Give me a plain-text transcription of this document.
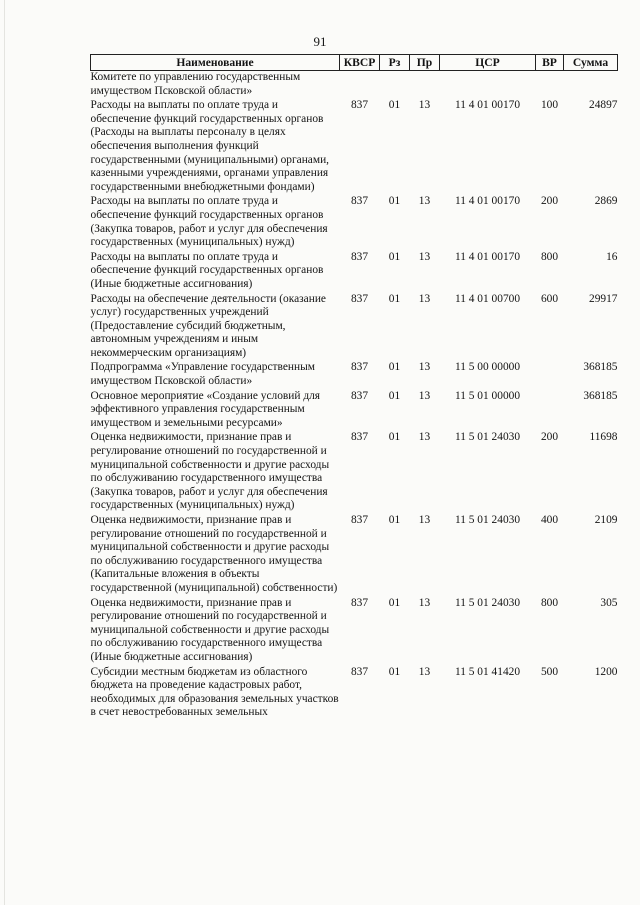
91
Наименование	КВСР	Рз	Пр	ЦСР	ВР	Сумма
Комитете по управлению государственным имуществом Псковской области»						
Расходы на выплаты по оплате труда и обеспечение функций государственных органов (Расходы на выплаты персоналу в целях обеспечения выполнения функций государственными (муниципальными) органами, казенными учреждениями, органами управления государственными внебюджетными фондами)	837	01	13	11 4 01 00170	100	24897
Расходы на выплаты по оплате труда и обеспечение функций государственных органов (Закупка товаров, работ и услуг для обеспечения государственных (муниципальных) нужд)	837	01	13	11 4 01 00170	200	2869
Расходы на выплаты по оплате труда и обеспечение функций государственных органов (Иные бюджетные ассигнования)	837	01	13	11 4 01 00170	800	16
Расходы на обеспечение деятельности (оказание услуг) государственных учреждений (Предоставление субсидий бюджетным, автономным учреждениям и иным некоммерческим организациям)	837	01	13	11 4 01 00700	600	29917
Подпрограмма «Управление государственным имуществом Псковской области»	837	01	13	11 5 00 00000		368185
Основное мероприятие «Создание условий для эффективного управления государственным имуществом и земельными ресурсами»	837	01	13	11 5 01 00000		368185
Оценка недвижимости, признание прав и регулирование отношений по государственной и муниципальной собственности и другие расходы по обслуживанию государственного имущества (Закупка товаров, работ и услуг для обеспечения государственных (муниципальных) нужд)	837	01	13	11 5 01 24030	200	11698
Оценка недвижимости, признание прав и регулирование отношений по государственной и муниципальной собственности и другие расходы по обслуживанию государственного имущества (Капитальные вложения в объекты государственной (муниципальной) собственности)	837	01	13	11 5 01 24030	400	2109
Оценка недвижимости, признание прав и регулирование отношений по государственной и муниципальной собственности и другие расходы по обслуживанию государственного имущества (Иные бюджетные ассигнования)	837	01	13	11 5 01 24030	800	305
Субсидии местным бюджетам из областного бюджета на проведение кадастровых работ, необходимых для образования земельных участков в счет невостребованных земельных	837	01	13	11 5 01 41420	500	1200
